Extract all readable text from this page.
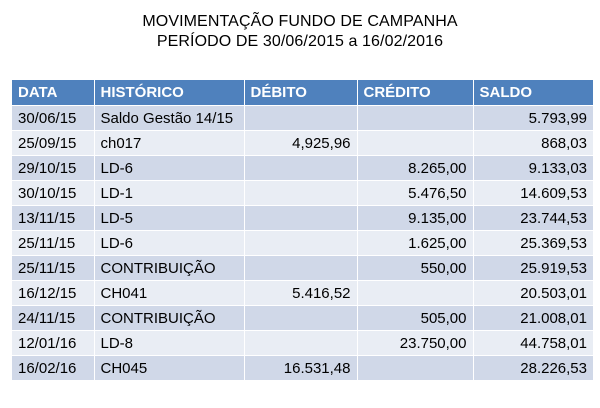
MOVIMENTAÇÃO FUNDO DE CAMPANHA
PERÍODO DE 30/06/2015 a 16/02/2016
DATA	HISTÓRICO	DÉBITO	CRÉDITO	SALDO
30/06/15	Saldo Gestão 14/15			5.793,99
25/09/15	ch017	4,925,96		868,03
29/10/15	LD-6		8.265,00	9.133,03
30/10/15	LD-1		5.476,50	14.609,53
13/11/15	LD-5		9.135,00	23.744,53
25/11/15	LD-6		1.625,00	25.369,53
25/11/15	CONTRIBUIÇÃO		550,00	25.919,53
16/12/15	CH041	5.416,52		20.503,01
24/11/15	CONTRIBUIÇÃO		505,00	21.008,01
12/01/16	LD-8		23.750,00	44.758,01
16/02/16	CH045	16.531,48		28.226,53
